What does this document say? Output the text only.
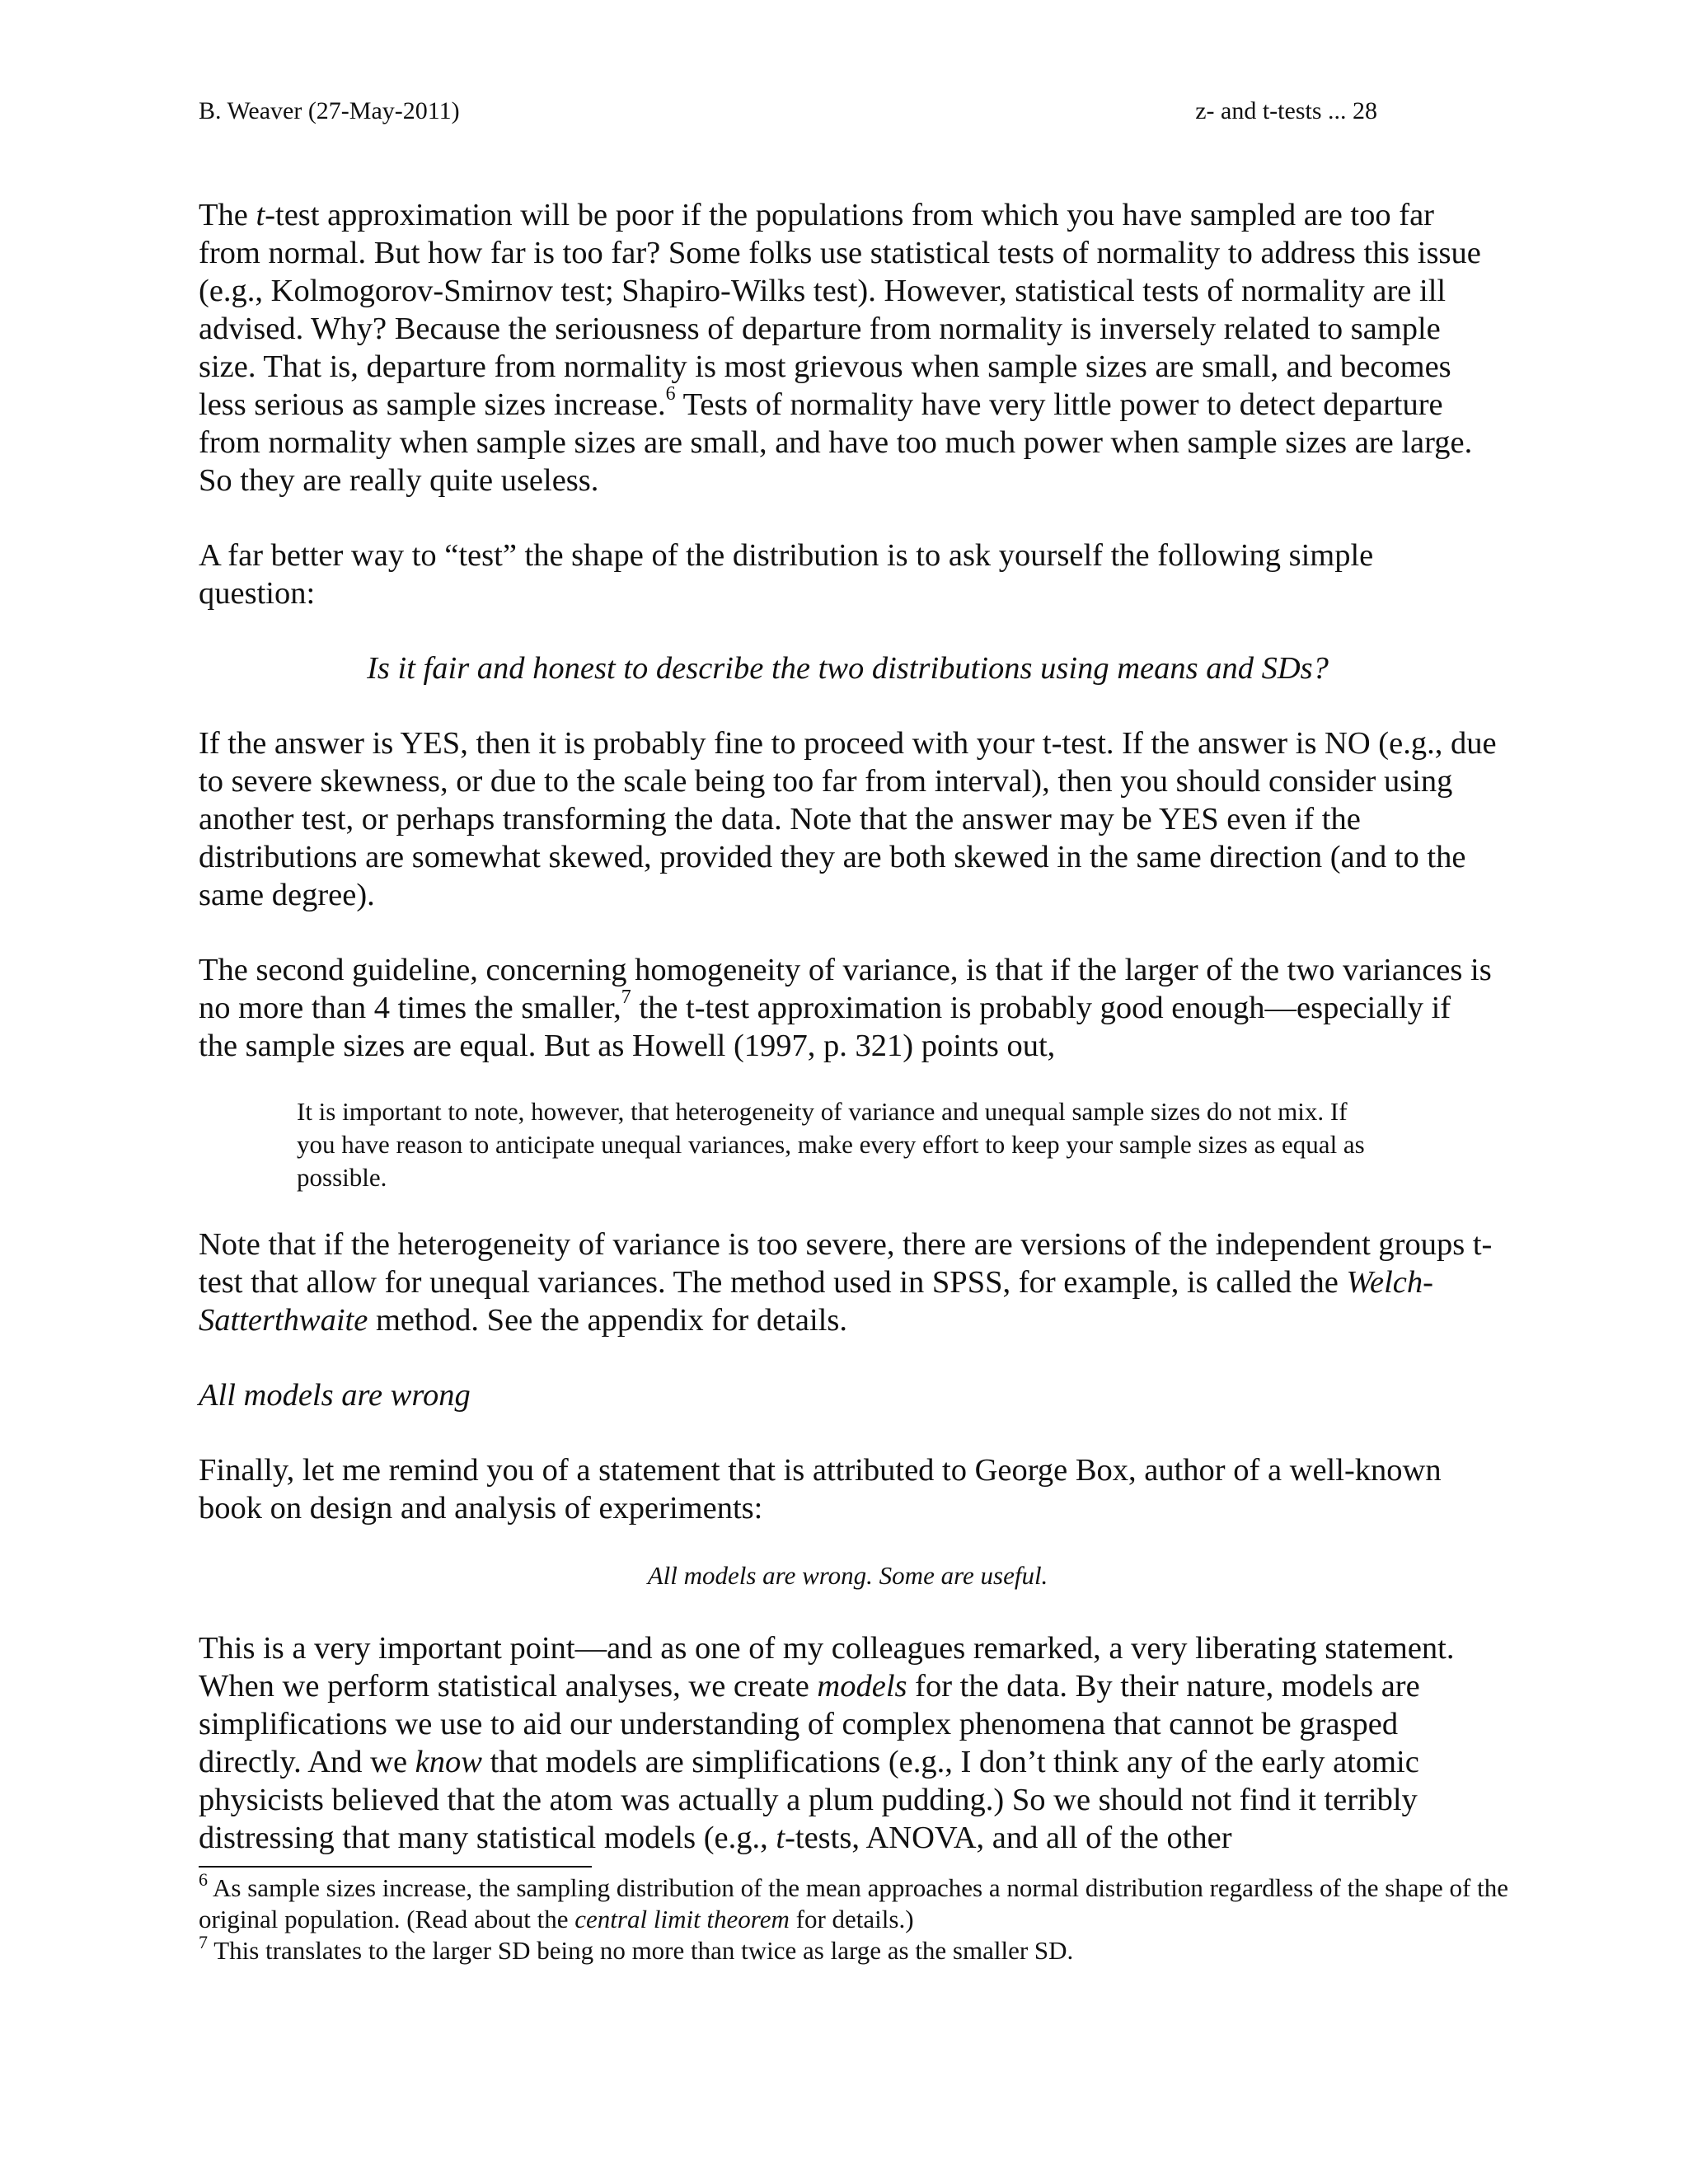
B. Weaver (27-May-2011)	z- and t-tests ... 28

The t-test approximation will be poor if the populations from which you have sampled are too far from normal. But how far is too far? Some folks use statistical tests of normality to address this issue (e.g., Kolmogorov-Smirnov test; Shapiro-Wilks test). However, statistical tests of normality are ill advised. Why? Because the seriousness of departure from normality is inversely related to sample size. That is, departure from normality is most grievous when sample sizes are small, and becomes less serious as sample sizes increase.$^6$ Tests of normality have very little power to detect departure from normality when sample sizes are small, and have too much power when sample sizes are large. So they are really quite useless.

A far better way to “test” the shape of the distribution is to ask yourself the following simple question:

Is it fair and honest to describe the two distributions using means and SDs?

If the answer is YES, then it is probably fine to proceed with your t-test. If the answer is NO (e.g., due to severe skewness, or due to the scale being too far from interval), then you should consider using another test, or perhaps transforming the data. Note that the answer may be YES even if the distributions are somewhat skewed, provided they are both skewed in the same direction (and to the same degree).

The second guideline, concerning homogeneity of variance, is that if the larger of the two variances is no more than 4 times the smaller,$^7$ the t-test approximation is probably good enough—especially if the sample sizes are equal. But as Howell (1997, p. 321) points out,

It is important to note, however, that heterogeneity of variance and unequal sample sizes do not mix. If you have reason to anticipate unequal variances, make every effort to keep your sample sizes as equal as possible.

Note that if the heterogeneity of variance is too severe, there are versions of the independent groups t-test that allow for unequal variances. The method used in SPSS, for example, is called the Welch-Satterthwaite method. See the appendix for details.

All models are wrong

Finally, let me remind you of a statement that is attributed to George Box, author of a well-known book on design and analysis of experiments:

All models are wrong. Some are useful.

This is a very important point—and as one of my colleagues remarked, a very liberating statement. When we perform statistical analyses, we create models for the data. By their nature, models are simplifications we use to aid our understanding of complex phenomena that cannot be grasped directly. And we know that models are simplifications (e.g., I don’t think any of the early atomic physicists believed that the atom was actually a plum pudding.) So we should not find it terribly distressing that many statistical models (e.g., t-tests, ANOVA, and all of the other

$^6$ As sample sizes increase, the sampling distribution of the mean approaches a normal distribution regardless of the shape of the original population. (Read about the central limit theorem for details.)

$^7$ This translates to the larger SD being no more than twice as large as the smaller SD.
